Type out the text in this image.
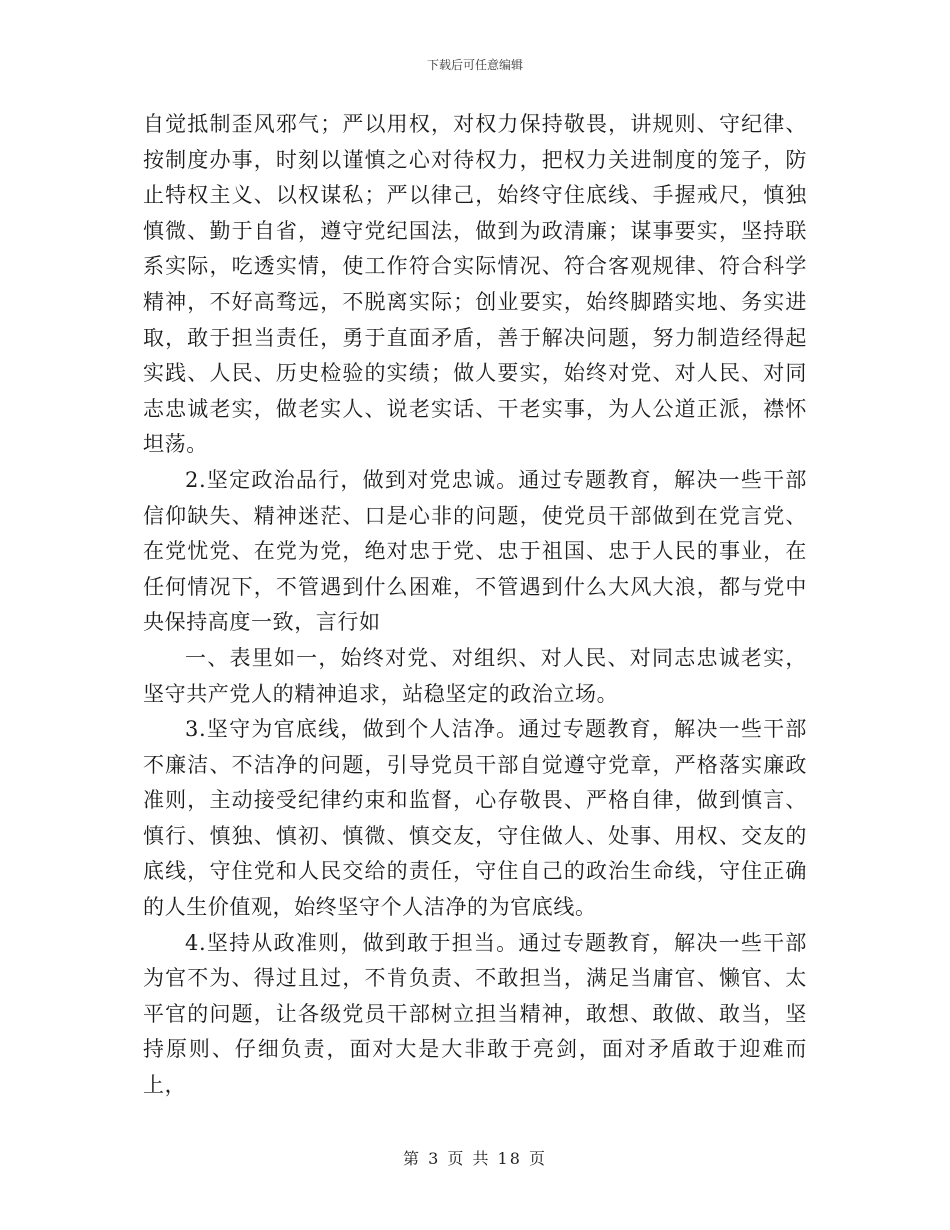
下载后可任意编辑

自觉抵制歪风邪气；严以用权，对权力保持敬畏，讲规则、守纪律、按制度办事，时刻以谨慎之心对待权力，把权力关进制度的笼子，防止特权主义、以权谋私；严以律己，始终守住底线、手握戒尺，慎独慎微、勤于自省，遵守党纪国法，做到为政清廉；谋事要实，坚持联系实际，吃透实情，使工作符合实际情况、符合客观规律、符合科学精神，不好高骛远，不脱离实际；创业要实，始终脚踏实地、务实进取，敢于担当责任，勇于直面矛盾，善于解决问题，努力制造经得起实践、人民、历史检验的实绩；做人要实，始终对党、对人民、对同志忠诚老实，做老实人、说老实话、干老实事，为人公道正派，襟怀坦荡。

2.坚定政治品行，做到对党忠诚。通过专题教育，解决一些干部信仰缺失、精神迷茫、口是心非的问题，使党员干部做到在党言党、在党忧党、在党为党，绝对忠于党、忠于祖国、忠于人民的事业，在任何情况下，不管遇到什么困难，不管遇到什么大风大浪，都与党中央保持高度一致，言行如

一、表里如一，始终对党、对组织、对人民、对同志忠诚老实，坚守共产党人的精神追求，站稳坚定的政治立场。

3.坚守为官底线，做到个人洁净。通过专题教育，解决一些干部不廉洁、不洁净的问题，引导党员干部自觉遵守党章，严格落实廉政准则，主动接受纪律约束和监督，心存敬畏、严格自律，做到慎言、慎行、慎独、慎初、慎微、慎交友，守住做人、处事、用权、交友的底线，守住党和人民交给的责任，守住自己的政治生命线，守住正确的人生价值观，始终坚守个人洁净的为官底线。

4.坚持从政准则，做到敢于担当。通过专题教育，解决一些干部为官不为、得过且过，不肯负责、不敢担当，满足当庸官、懒官、太平官的问题，让各级党员干部树立担当精神，敢想、敢做、敢当，坚持原则、仔细负责，面对大是大非敢于亮剑，面对矛盾敢于迎难而上，

第 3 页 共 18 页
